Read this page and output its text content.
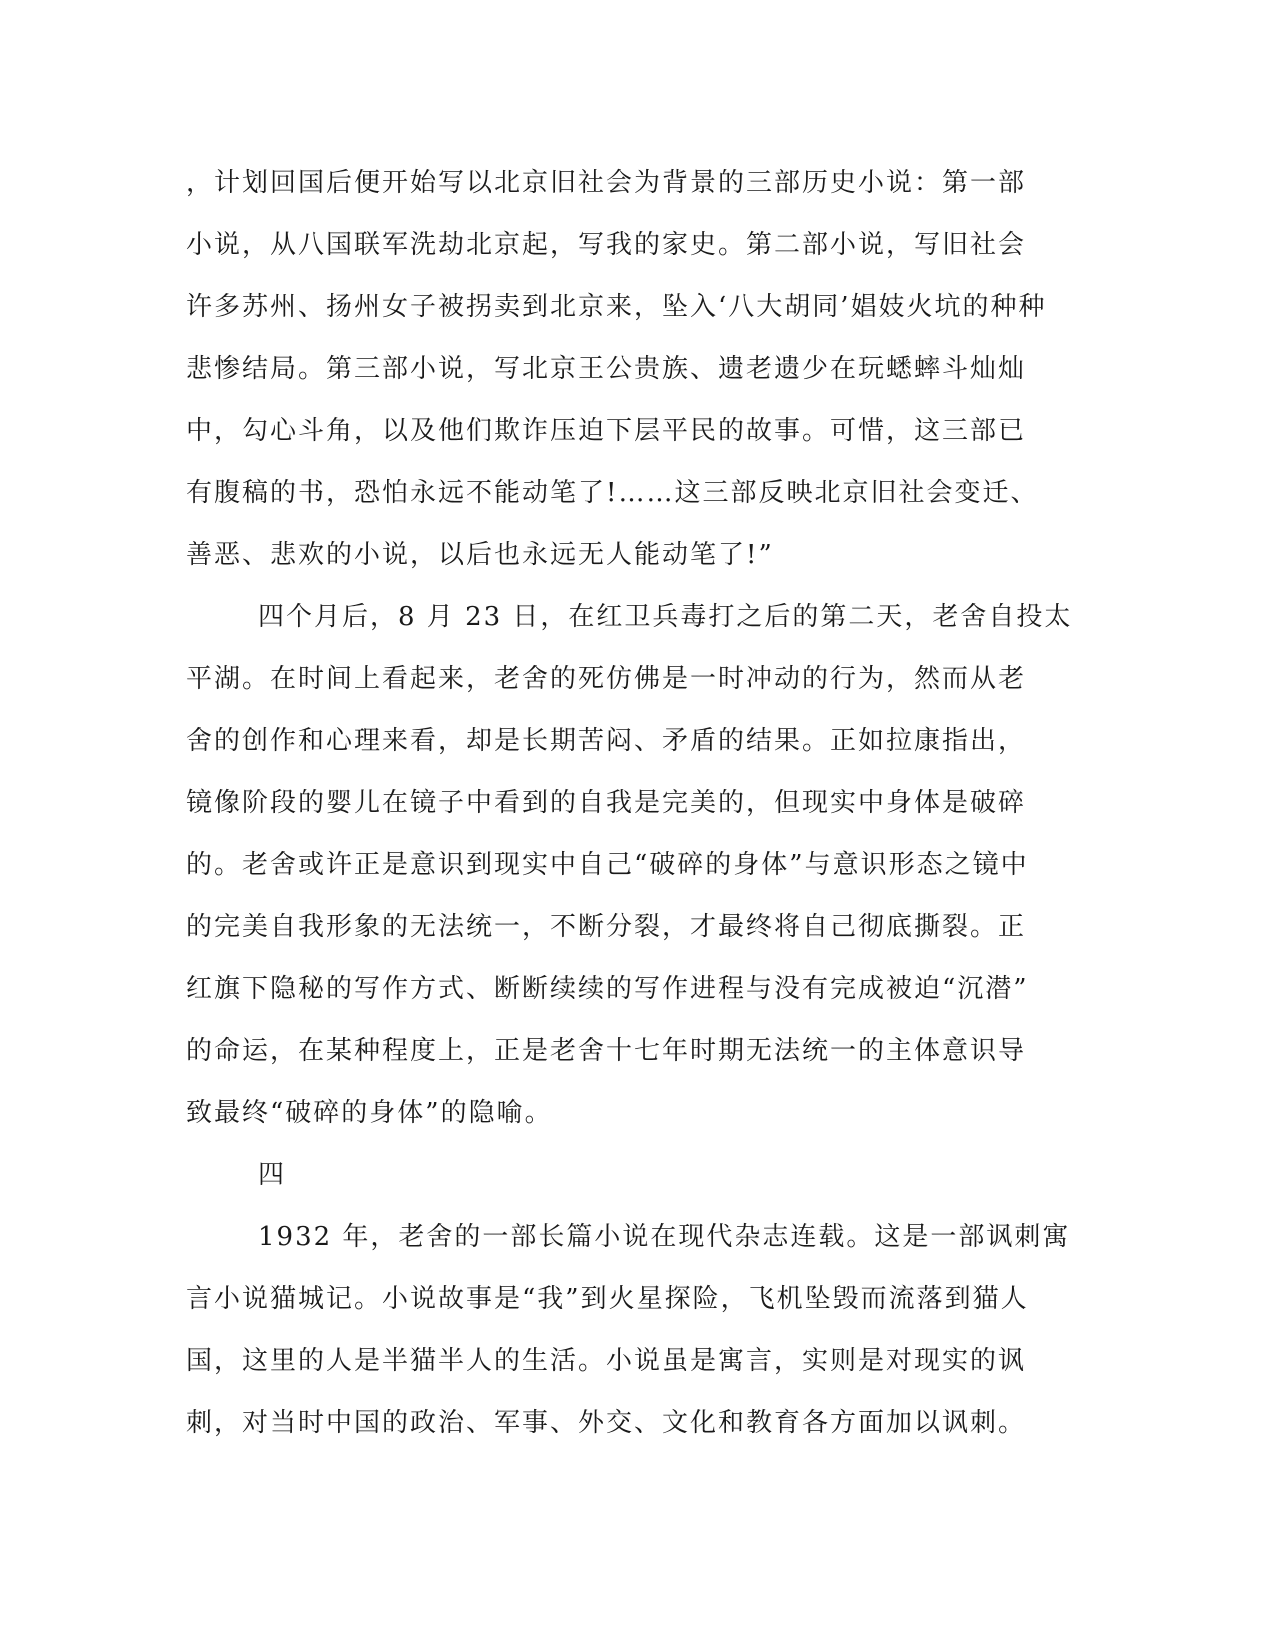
，计划回国后便开始写以北京旧社会为背景的三部历史小说：第一部
小说，从八国联军洗劫北京起，写我的家史。第二部小说，写旧社会
许多苏州、扬州女子被拐卖到北京来，坠入‘八大胡同’娼妓火坑的种种
悲惨结局。第三部小说，写北京王公贵族、遗老遗少在玩蟋蟀斗灿灿
中，勾心斗角，以及他们欺诈压迫下层平民的故事。可惜，这三部已
有腹稿的书，恐怕永远不能动笔了!……这三部反映北京旧社会变迁、
善恶、悲欢的小说，以后也永远无人能动笔了!”
四个月后，8 月 23 日，在红卫兵毒打之后的第二天，老舍自投太
平湖。在时间上看起来，老舍的死仿佛是一时冲动的行为，然而从老
舍的创作和心理来看，却是长期苦闷、矛盾的结果。正如拉康指出，
镜像阶段的婴儿在镜子中看到的自我是完美的，但现实中身体是破碎
的。老舍或许正是意识到现实中自己“破碎的身体”与意识形态之镜中
的完美自我形象的无法统一，不断分裂，才最终将自己彻底撕裂。正
红旗下隐秘的写作方式、断断续续的写作进程与没有完成被迫“沉潜”
的命运，在某种程度上，正是老舍十七年时期无法统一的主体意识导
致最终“破碎的身体”的隐喻。
四
1932 年，老舍的一部长篇小说在现代杂志连载。这是一部讽刺寓
言小说猫城记。小说故事是“我”到火星探险，飞机坠毁而流落到猫人
国，这里的人是半猫半人的生活。小说虽是寓言，实则是对现实的讽
刺，对当时中国的政治、军事、外交、文化和教育各方面加以讽刺。
